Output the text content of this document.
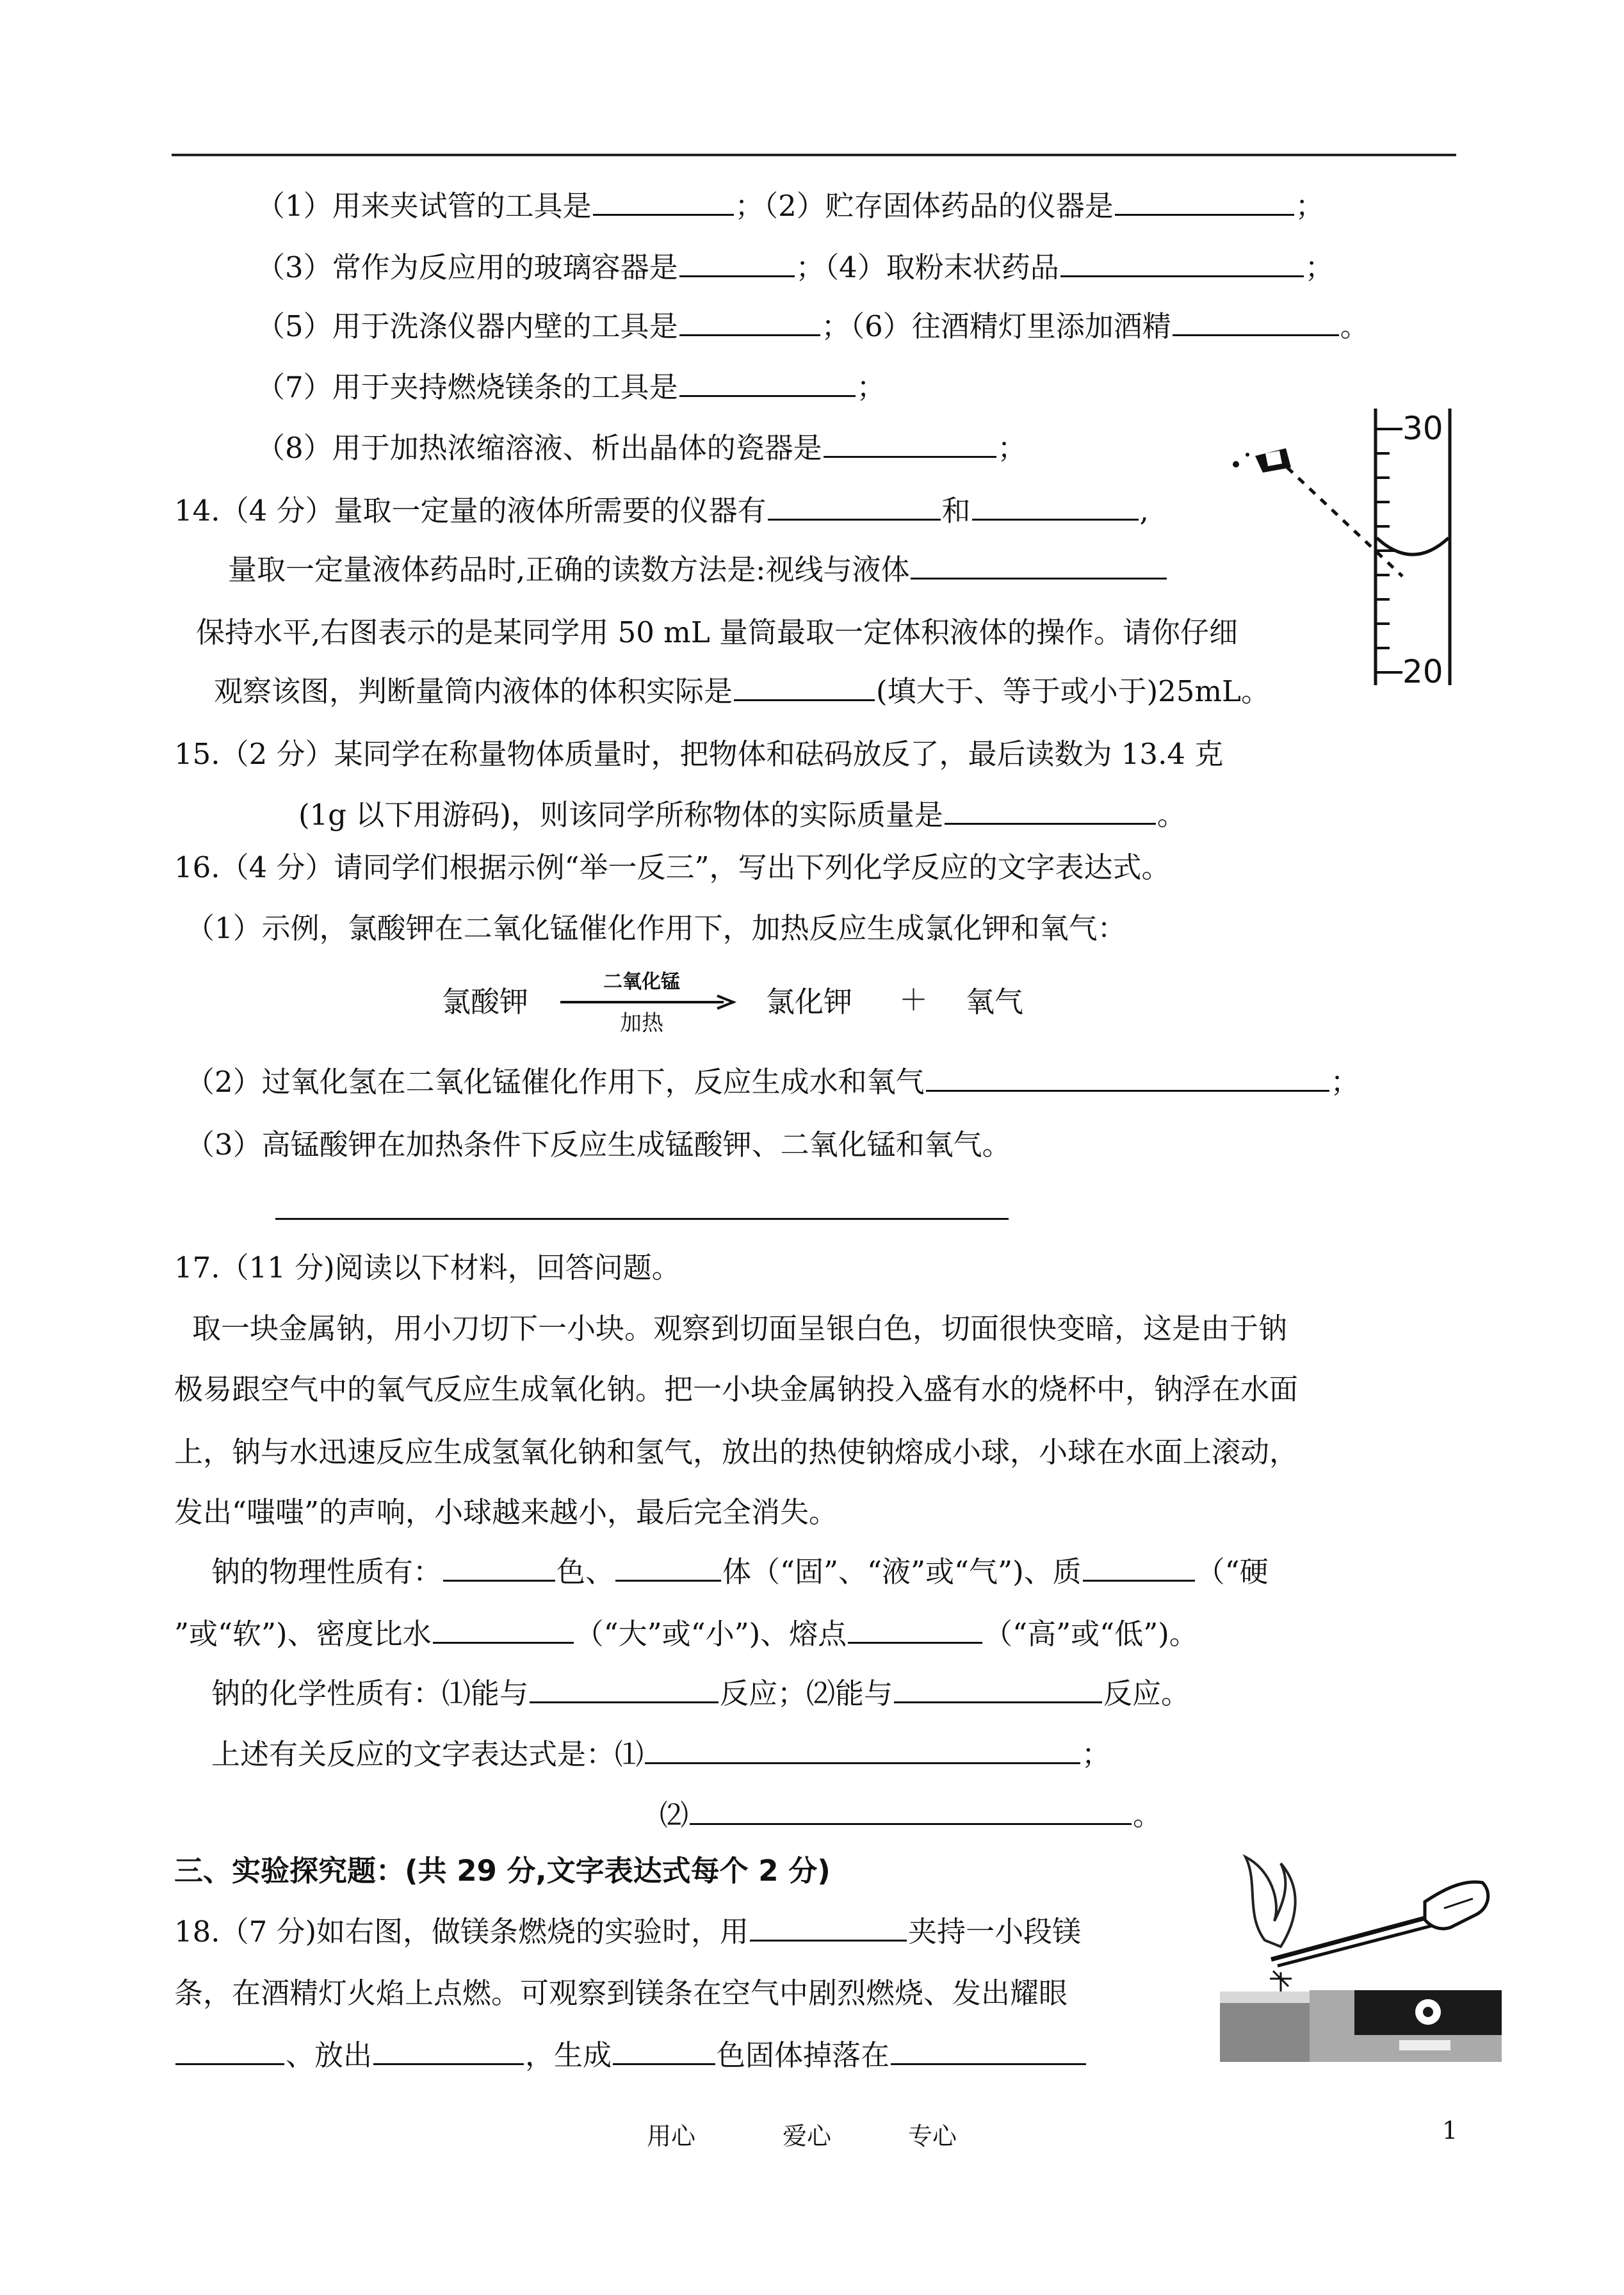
（1）用来夹试管的工具是	；（2）贮存固体药品的仪器是	；
（3）常作为反应用的玻璃容器是	；（4）取粉末状药品	；
（5）用于洗涤仪器内壁的工具是	；（6）往酒精灯里添加酒精	。
（7）用于夹持燃烧镁条的工具是	；
（8）用于加热浓缩溶液、析出晶体的瓷器是	；
14.（4 分）量取一定量的液体所需要的仪器有	和	,
量取一定量液体药品时,正确的读数方法是:视线与液体
保持水平,右图表示的是某同学用 50 mL 量筒最取一定体积液体的操作。请你仔细
观察该图，判断量筒内液体的体积实际是	(填大于、等于或小于)25mL。
30
20
15.（2 分）某同学在称量物体质量时，把物体和砝码放反了，最后读数为 13.4 克
(1g 以下用游码)，则该同学所称物体的实际质量是	。
16.（4 分）请同学们根据示例“举一反三”，写出下列化学反应的文字表达式。
（1）示例，氯酸钾在二氧化锰催化作用下，加热反应生成氯化钾和氧气：
氯酸钾
二氧化锰
加热
氯化钾 ＋ 氧气
（2）过氧化氢在二氧化锰催化作用下，反应生成水和氧气	；
（3）高锰酸钾在加热条件下反应生成锰酸钾、二氧化锰和氧气。
17.（11 分)阅读以下材料，回答问题。
取一块金属钠，用小刀切下一小块。观察到切面呈银白色，切面很快变暗，这是由于钠
极易跟空气中的氧气反应生成氧化钠。把一小块金属钠投入盛有水的烧杯中，钠浮在水面
上，钠与水迅速反应生成氢氧化钠和氢气，放出的热使钠熔成小球，小球在水面上滚动，
发出“嗤嗤”的声响，小球越来越小，最后完全消失。
钠的物理性质有：	色、	体（“固”、“液”或“气”)、质	（“硬
”或“软”)、密度比水	（“大”或“小”)、熔点	（“高”或“低”)。
钠的化学性质有：⑴能与	反应；⑵能与	反应。
上述有关反应的文字表达式是：⑴	；
⑵	。
三、实验探究题：(共 29 分,文字表达式每个 2 分)
18.（7 分)如右图，做镁条燃烧的实验时，用	夹持一小段镁
条，在酒精灯火焰上点燃。可观察到镁条在空气中剧烈燃烧、发出耀眼
、放出	，生成	色固体掉落在
用心	爱心	专心	1
